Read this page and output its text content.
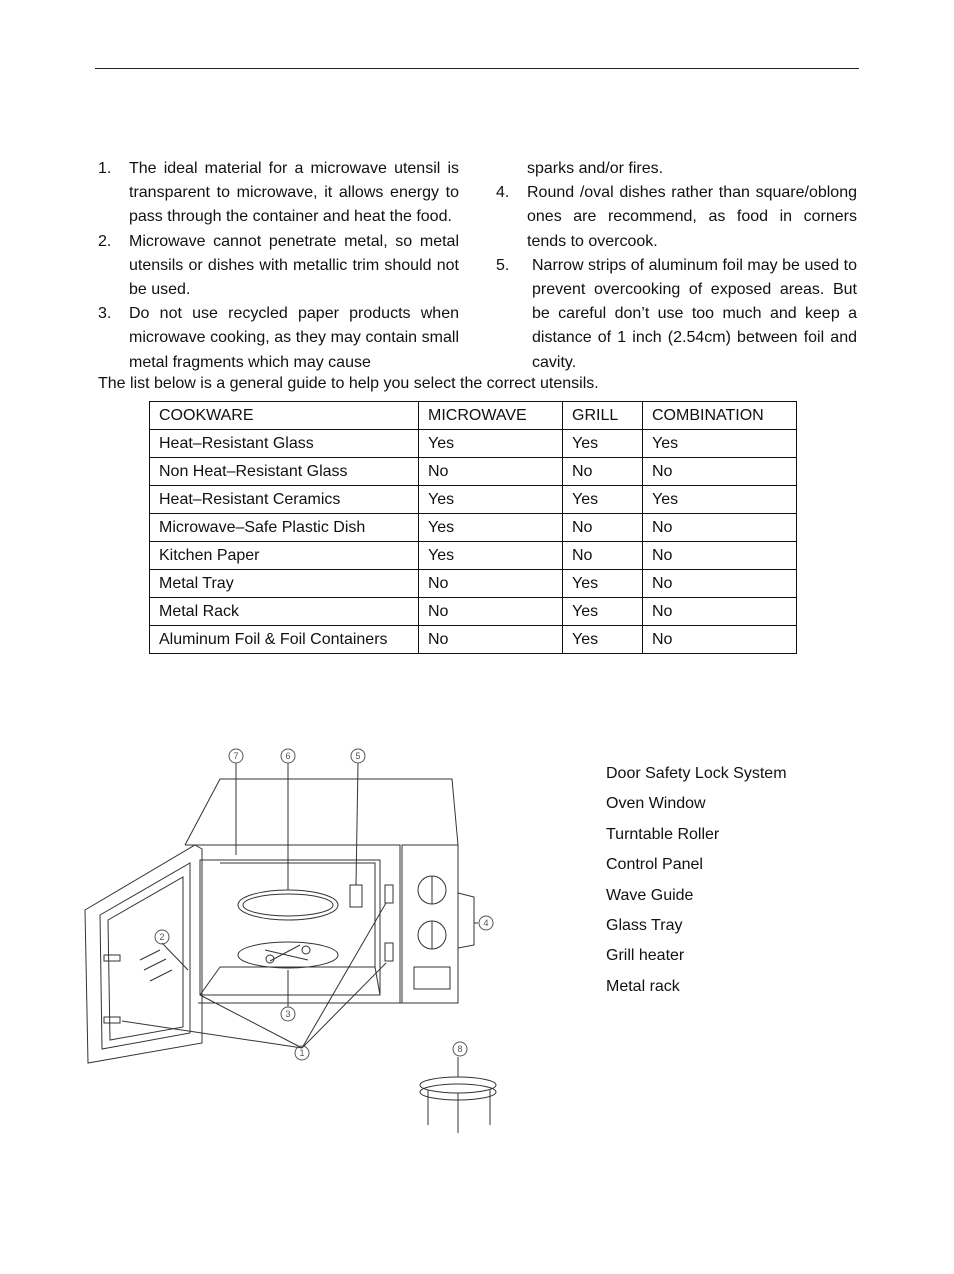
1. The ideal material for a microwave utensil is transparent to microwave, it allows energy to pass through the container and heat the food.
2. Microwave cannot penetrate metal, so metal utensils or dishes with metallic trim should not be used.
3. Do not use recycled paper products when microwave cooking, as they may contain small metal fragments which may cause
sparks and/or fires.
4. Round /oval dishes rather than square/oblong ones are recommend, as food in corners tends to overcook.
5. Narrow strips of aluminum foil may be used to prevent overcooking of exposed areas. But be careful don’t use too much and keep a distance of 1 inch (2.54cm) between foil and cavity.
The list below is a general guide to help you select the correct utensils.
COOKWARE	MICROWAVE	GRILL	COMBINATION
Heat–Resistant Glass	Yes	Yes	Yes
Non Heat–Resistant Glass	No	No	No
Heat–Resistant Ceramics	Yes	Yes	Yes
Microwave–Safe Plastic Dish	Yes	No	No
Kitchen Paper	Yes	No	No
Metal Tray	No	Yes	No
Metal Rack	No	Yes	No
Aluminum Foil & Foil Containers	No	Yes	No
7	6	5
4
2
3
1	8
Door Safety Lock System
Oven Window
Turntable Roller
Control Panel
Wave Guide
Glass Tray
Grill heater
Metal rack
